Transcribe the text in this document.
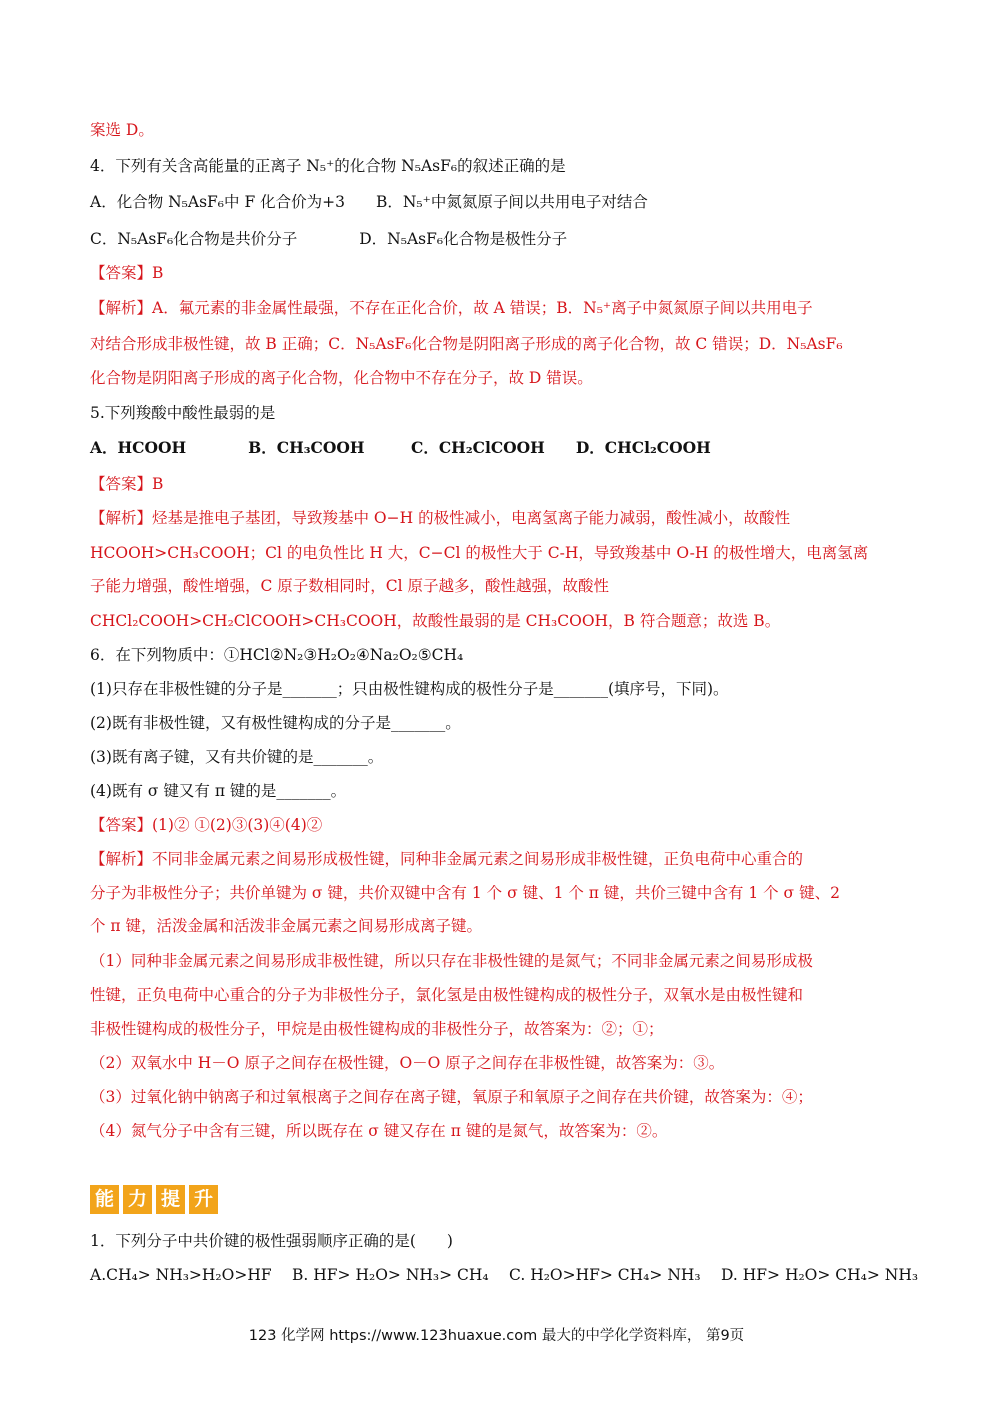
案选 D。
4．下列有关含高能量的正离子 N₅⁺的化合物 N₅AsF₆的叙述正确的是
A．化合物 N₅AsF₆中 F 化合价为+3　　B．N₅⁺中氮氮原子间以共用电子对结合
C．N₅AsF₆化合物是共价分子　　　　D．N₅AsF₆化合物是极性分子
【答案】B
【解析】A．氟元素的非金属性最强，不存在正化合价，故 A 错误；B．N₅⁺离子中氮氮原子间以共用电子
对结合形成非极性键，故 B 正确；C．N₅AsF₆化合物是阴阳离子形成的离子化合物，故 C 错误；D．N₅AsF₆
化合物是阴阳离子形成的离子化合物，化合物中不存在分子，故 D 错误。
5.下列羧酸中酸性最弱的是
A．HCOOH　　　　B．CH₃COOH　　　C．CH₂ClCOOH　　D．CHCl₂COOH
【答案】B
【解析】烃基是推电子基团，导致羧基中 O−H 的极性减小，电离氢离子能力减弱，酸性减小，故酸性
HCOOH>CH₃COOH；Cl 的电负性比 H 大，C−Cl 的极性大于 C-H，导致羧基中 O-H 的极性增大，电离氢离
子能力增强，酸性增强，C 原子数相同时，Cl 原子越多，酸性越强，故酸性
CHCl₂COOH>CH₂ClCOOH>CH₃COOH，故酸性最弱的是 CH₃COOH，B 符合题意；故选 B。
6．在下列物质中：①HCl②N₂③H₂O₂④Na₂O₂⑤CH₄
(1)只存在非极性键的分子是_______；只由极性键构成的极性分子是_______(填序号，下同)。
(2)既有非极性键，又有极性键构成的分子是_______。
(3)既有离子键，又有共价键的是_______。
(4)既有 σ 键又有 π 键的是_______。
【答案】(1)② ①(2)③(3)④(4)②
【解析】不同非金属元素之间易形成极性键，同种非金属元素之间易形成非极性键，正负电荷中心重合的
分子为非极性分子；共价单键为 σ 键，共价双键中含有 1 个 σ 键、1 个 π 键，共价三键中含有 1 个 σ 键、2
个 π 键，活泼金属和活泼非金属元素之间易形成离子键。
（1）同种非金属元素之间易形成非极性键，所以只存在非极性键的是氮气；不同非金属元素之间易形成极
性键，正负电荷中心重合的分子为非极性分子，氯化氢是由极性键构成的极性分子，双氧水是由极性键和
非极性键构成的极性分子，甲烷是由极性键构成的非极性分子，故答案为：②；①；
（2）双氧水中 H－O 原子之间存在极性键，O－O 原子之间存在非极性键，故答案为：③。
（3）过氧化钠中钠离子和过氧根离子之间存在离子键，氧原子和氧原子之间存在共价键，故答案为：④；
（4）氮气分子中含有三键，所以既存在 σ 键又存在 π 键的是氮气，故答案为：②。
1．下列分子中共价键的极性强弱顺序正确的是(　　)
A.CH₄> NH₃>H₂O>HF　 B. HF> H₂O> NH₃> CH₄　 C. H₂O>HF> CH₄> NH₃　 D. HF> H₂O> CH₄> NH₃
能 力 提 升
123 化学网 https://www.123huaxue.com 最大的中学化学资料库， 第9页
